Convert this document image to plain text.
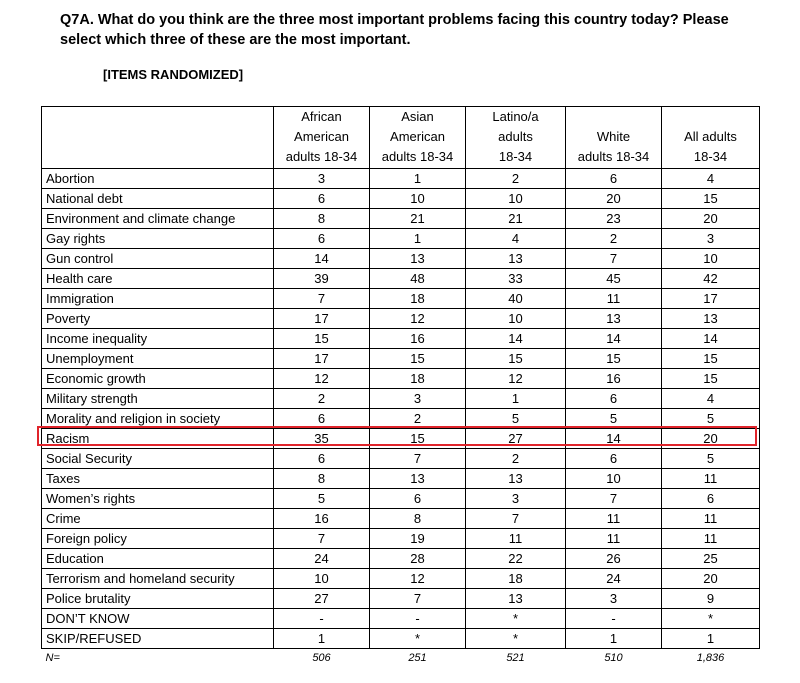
Q7A. What do you think are the three most important problems facing this country today? Please select which three of these are the most important.
[ITEMS RANDOMIZED]
	African
American
adults 18-34	Asian
American
adults 18-34	Latino/a
adults
18-34	White
adults 18-34	All adults
18-34
Abortion	3	1	2	6	4
National debt	6	10	10	20	15
Environment and climate change	8	21	21	23	20
Gay rights	6	1	4	2	3
Gun control	14	13	13	7	10
Health care	39	48	33	45	42
Immigration	7	18	40	11	17
Poverty	17	12	10	13	13
Income inequality	15	16	14	14	14
Unemployment	17	15	15	15	15
Economic growth	12	18	12	16	15
Military strength	2	3	1	6	4
Morality and religion in society	6	2	5	5	5
Racism	35	15	27	14	20
Social Security	6	7	2	6	5
Taxes	8	13	13	10	11
Women’s rights	5	6	3	7	6
Crime	16	8	7	11	11
Foreign policy	7	19	11	11	11
Education	24	28	22	26	25
Terrorism and homeland security	10	12	18	24	20
Police brutality	27	7	13	3	9
DON’T KNOW	-	-	*	-	*
SKIP/REFUSED	1	*	*	1	1
N=	506	251	521	510	1,836
